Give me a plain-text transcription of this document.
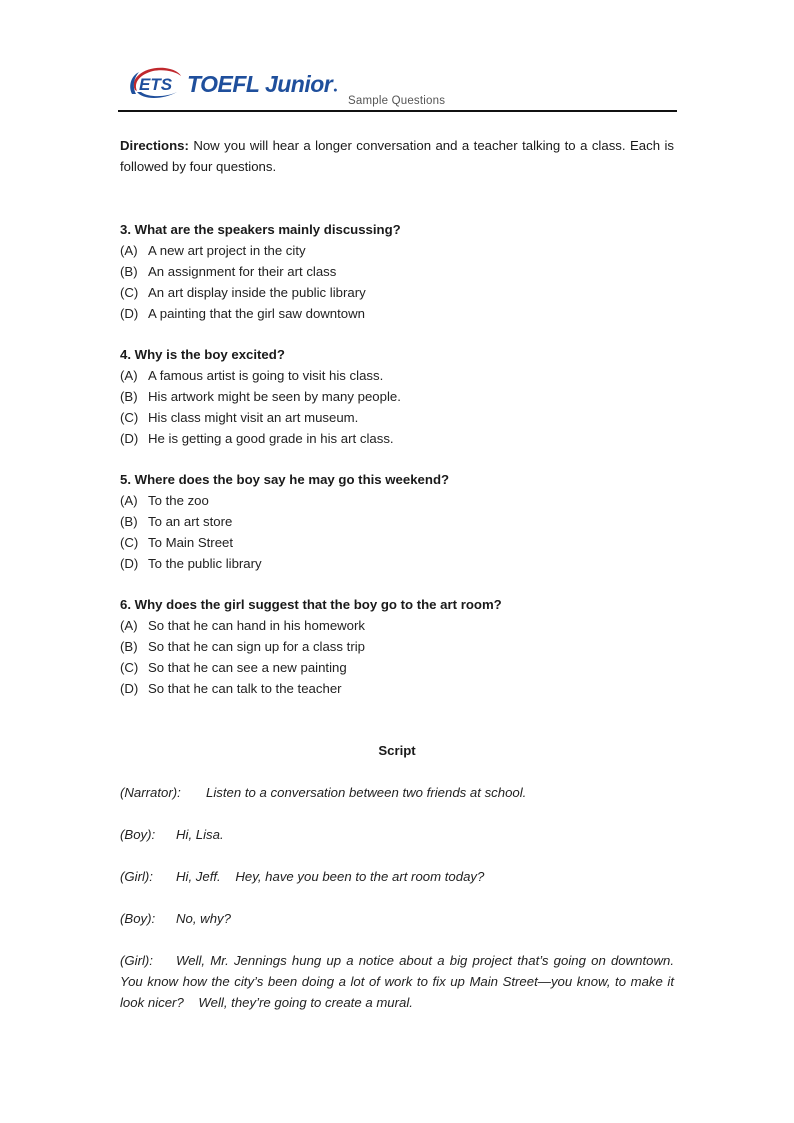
ETS TOEFL Junior ●
Sample Questions

Directions: Now you will hear a longer conversation and a teacher talking to a class. Each is followed by four questions.

3. What are the speakers mainly discussing?

(A) A new art project in the city

(B) An assignment for their art class

(C) An art display inside the public library

(D) A painting that the girl saw downtown

4. Why is the boy excited?

(A) A famous artist is going to visit his class.

(B) His artwork might be seen by many people.

(C) His class might visit an art museum.

(D) He is getting a good grade in his art class.

5. Where does the boy say he may go this weekend?

(A) To the zoo

(B) To an art store

(C) To Main Street

(D) To the public library

6. Why does the girl suggest that the boy go to the art room?

(A) So that he can hand in his homework

(B) So that he can sign up for a class trip

(C) So that he can see a new painting

(D) So that he can talk to the teacher

Script

(Narrator): Listen to a conversation between two friends at school.

(Boy): Hi, Lisa.

(Girl): Hi, Jeff.    Hey, have you been to the art room today?

(Boy): No, why?

(Girl): Well, Mr. Jennings hung up a notice about a big project that’s going on downtown. You know how the city’s been doing a lot of work to fix up Main Street—you know, to make it look nicer?    Well, they’re going to create a mural.
